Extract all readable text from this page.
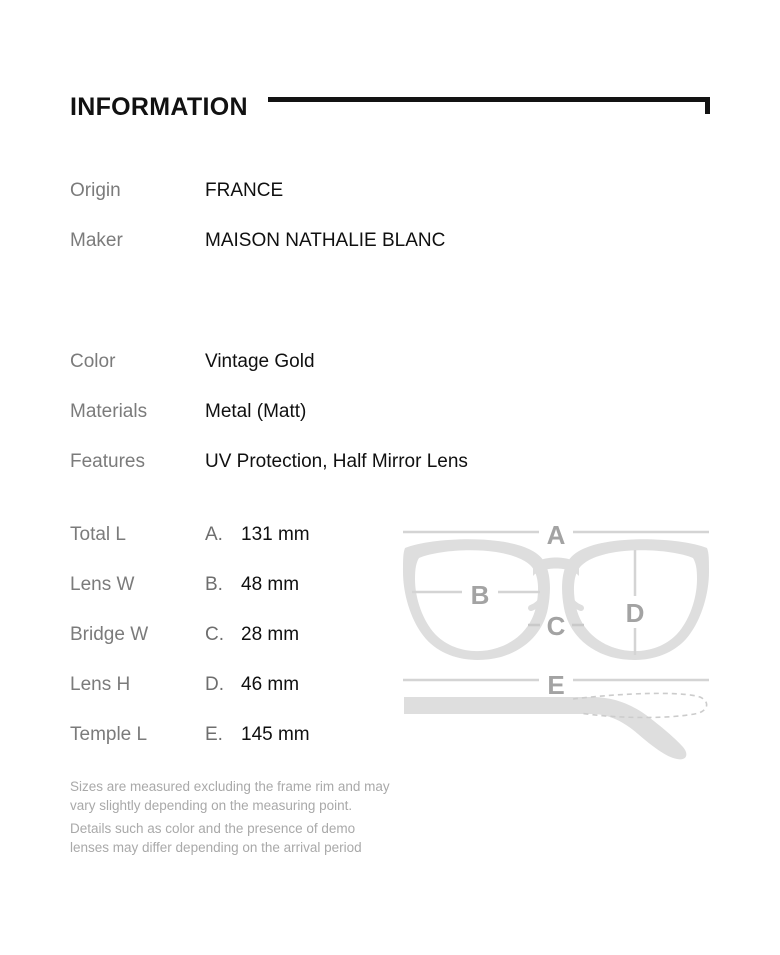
INFORMATION
Origin	FRANCE
Maker	MAISON NATHALIE BLANC
Color	Vintage Gold
Materials	Metal (Matt)
Features	UV Protection, Half Mirror Lens
Total L	A. 131 mm
Lens W	B. 48 mm
Bridge W	C. 28 mm
Lens H	D. 46 mm
Temple L	E. 145 mm
A
B
C D
E
Sizes are measured excluding the frame rim and may
vary slightly depending on the measuring point.
Details such as color and the presence of demo
lenses may differ depending on the arrival period
